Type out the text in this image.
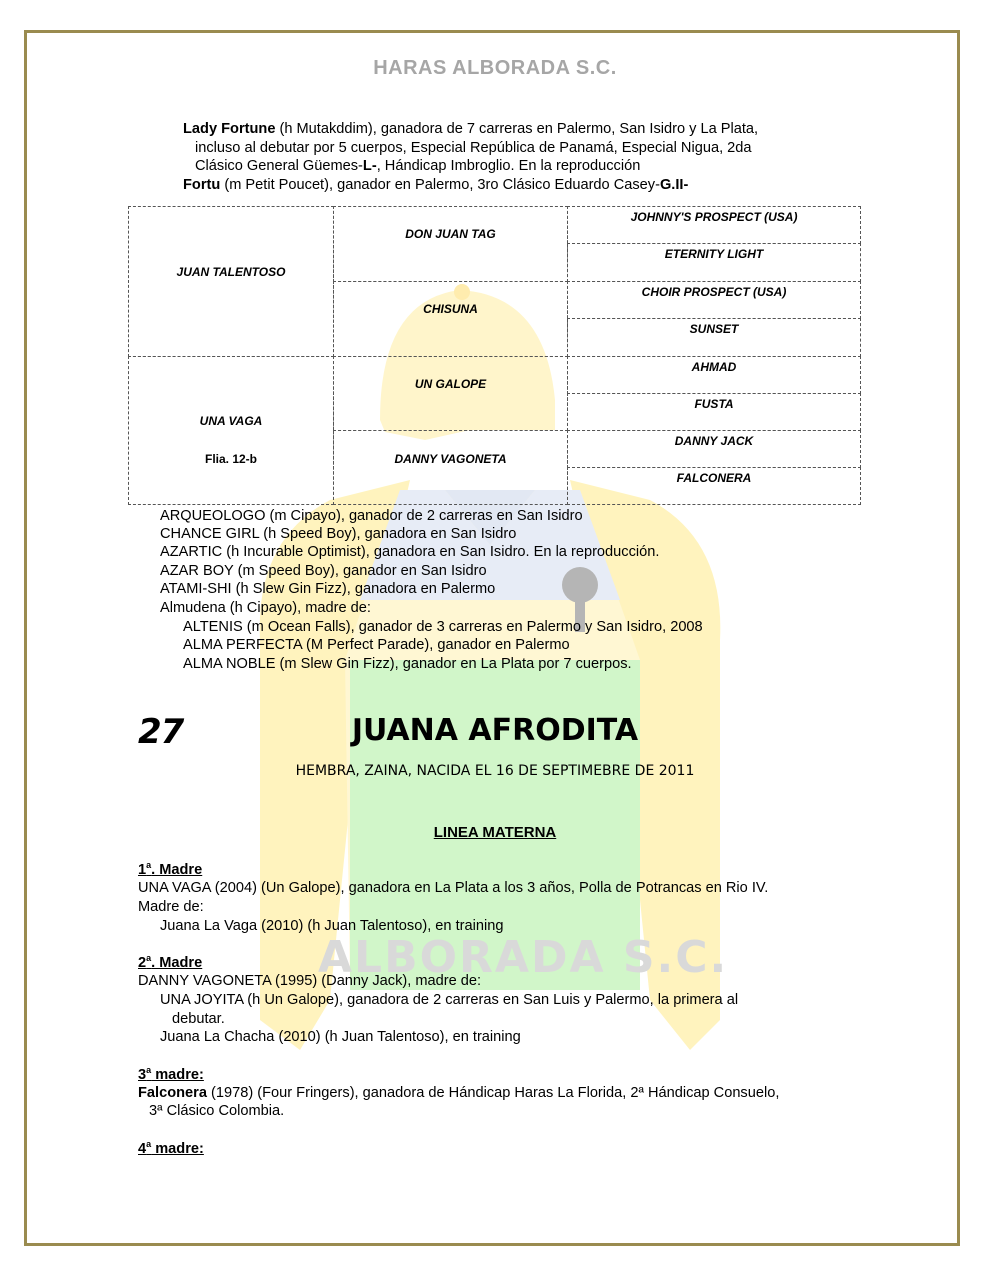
ALBORADA S.C.
HARAS ALBORADA S.C.
Lady Fortune (h Mutakddim), ganadora de 7 carreras en Palermo, San Isidro y La Plata,
incluso al debutar por 5 cuerpos, Especial República de Panamá, Especial Nigua, 2da
Clásico General Güemes-L-, Hándicap Imbroglio. En la reproducción
Fortu (m Petit Poucet), ganador en Palermo, 3ro Clásico Eduardo Casey-G.II-
JUAN TALENTOSO
UNA VAGA
Flia. 12-b
DON JUAN TAG
CHISUNA
UN GALOPE
DANNY VAGONETA
JOHNNY'S PROSPECT (USA)
ETERNITY LIGHT
CHOIR PROSPECT (USA)
SUNSET
AHMAD
FUSTA
DANNY JACK
FALCONERA
ARQUEOLOGO (m Cipayo), ganador de 2 carreras en San Isidro
CHANCE GIRL (h Speed Boy), ganadora en San Isidro
AZARTIC (h Incurable Optimist), ganadora en San Isidro. En la reproducción.
AZAR BOY (m Speed Boy), ganador en San Isidro
ATAMI-SHI (h Slew Gin Fizz), ganadora en Palermo
Almudena (h Cipayo), madre de:
ALTENIS (m Ocean Falls), ganador de 3 carreras en Palermo y San Isidro, 2008
ALMA PERFECTA (M Perfect Parade), ganador en Palermo
ALMA NOBLE (m Slew Gin Fizz), ganador en La Plata por 7 cuerpos.
27	JUANA AFRODITA
HEMBRA, ZAINA, NACIDA EL 16 DE SEPTIMEBRE DE 2011
LINEA MATERNA
1$^a$. Madre
UNA VAGA (2004) (Un Galope), ganadora en La Plata a los 3 años, Polla de Potrancas en Rio IV.
Madre de:
Juana La Vaga (2010) (h Juan Talentoso), en training
2$^a$. Madre
DANNY VAGONETA (1995) (Danny Jack), madre de:
UNA JOYITA (h Un Galope), ganadora de 2 carreras en San Luis y Palermo, la primera al
debutar.
Juana La Chacha (2010) (h Juan Talentoso), en training
3$^a$ madre:
Falconera (1978) (Four Fringers), ganadora de Hándicap Haras La Florida, 2ª Hándicap Consuelo,
3ª Clásico Colombia.
4$^a$ madre:
